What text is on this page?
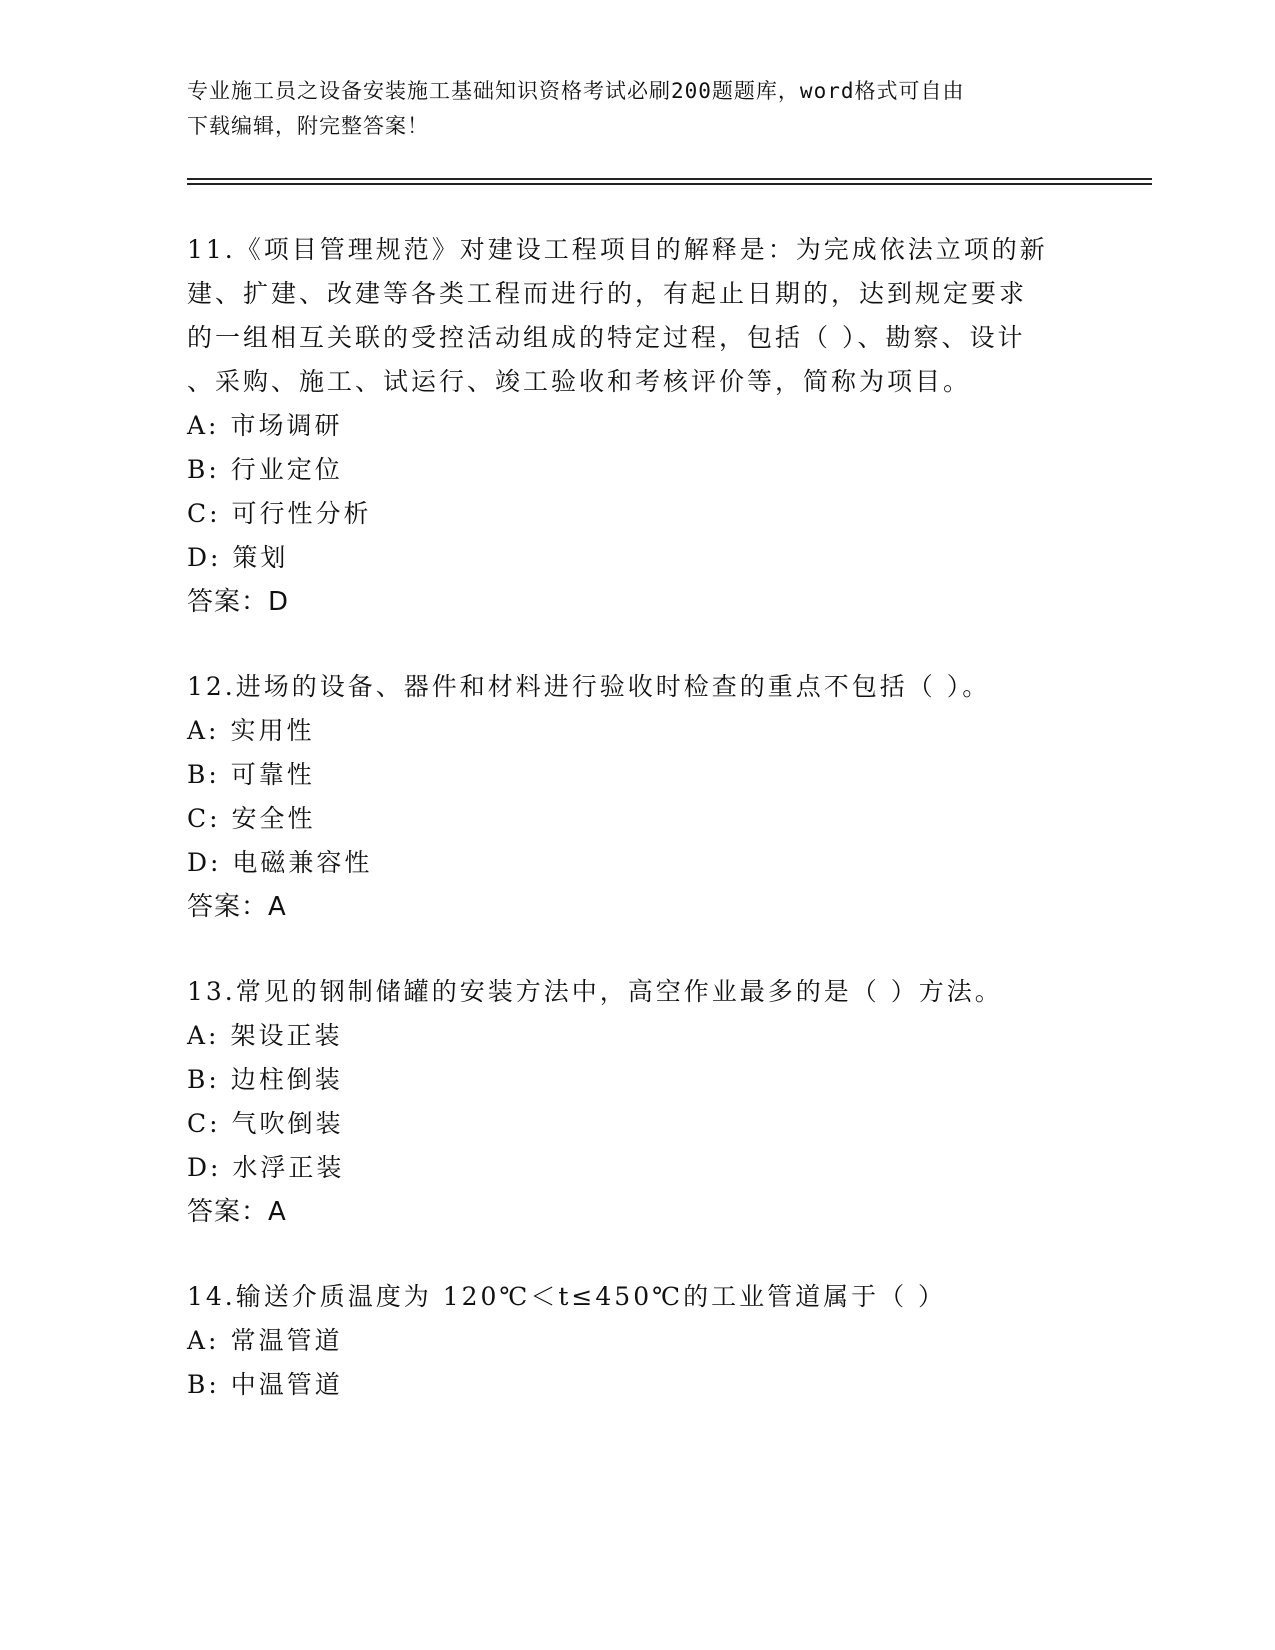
专业施工员之设备安装施工基础知识资格考试必刷200题题库，word格式可自由
下载编辑，附完整答案！
11.《项目管理规范》对建设工程项目的解释是：为完成依法立项的新
建、扩建、改建等各类工程而进行的，有起止日期的，达到规定要求
的一组相互关联的受控活动组成的特定过程，包括（ ）、勘察、设计
、采购、施工、试运行、竣工验收和考核评价等，简称为项目。
A: 市场调研
B: 行业定位
C: 可行性分析
D: 策划
答案：D
12.进场的设备、器件和材料进行验收时检查的重点不包括（ ）。
A: 实用性
B: 可靠性
C: 安全性
D: 电磁兼容性
答案：A
13.常见的钢制储罐的安装方法中，高空作业最多的是（ ）方法。
A: 架设正装
B: 边柱倒装
C: 气吹倒装
D: 水浮正装
答案：A
14.输送介质温度为 120℃＜t≤450℃的工业管道属于（ ）
A: 常温管道
B: 中温管道
